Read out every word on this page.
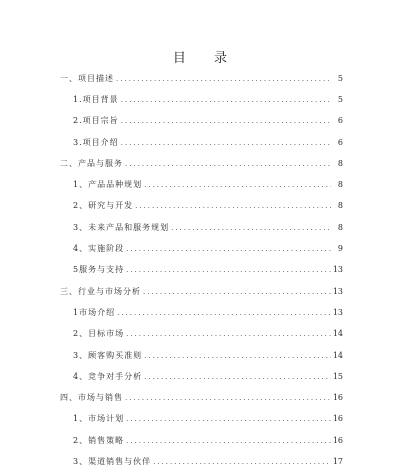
目 录
一、项目描述 .....	5
1.项目背景 .....	5
2.项目宗旨 .....	6
3.项目介绍 .....	6
二、产品与服务 .....	8
1、产品品种规划 .....	8
2、研究与开发 .....	8
3、未来产品和服务规划 .....	8
4、实施阶段 .....	9
5服务与支持 .....	13
三、行业与市场分析 .....	13
1市场介绍 .....	13
2、目标市场 .....	14
3、顾客购买准则 .....	14
4、竞争对手分析 .....	15
四、市场与销售 .....	16
1、市场计划 .....	16
2、销售策略 .....	16
3、渠道销售与伙伴 .....	17
